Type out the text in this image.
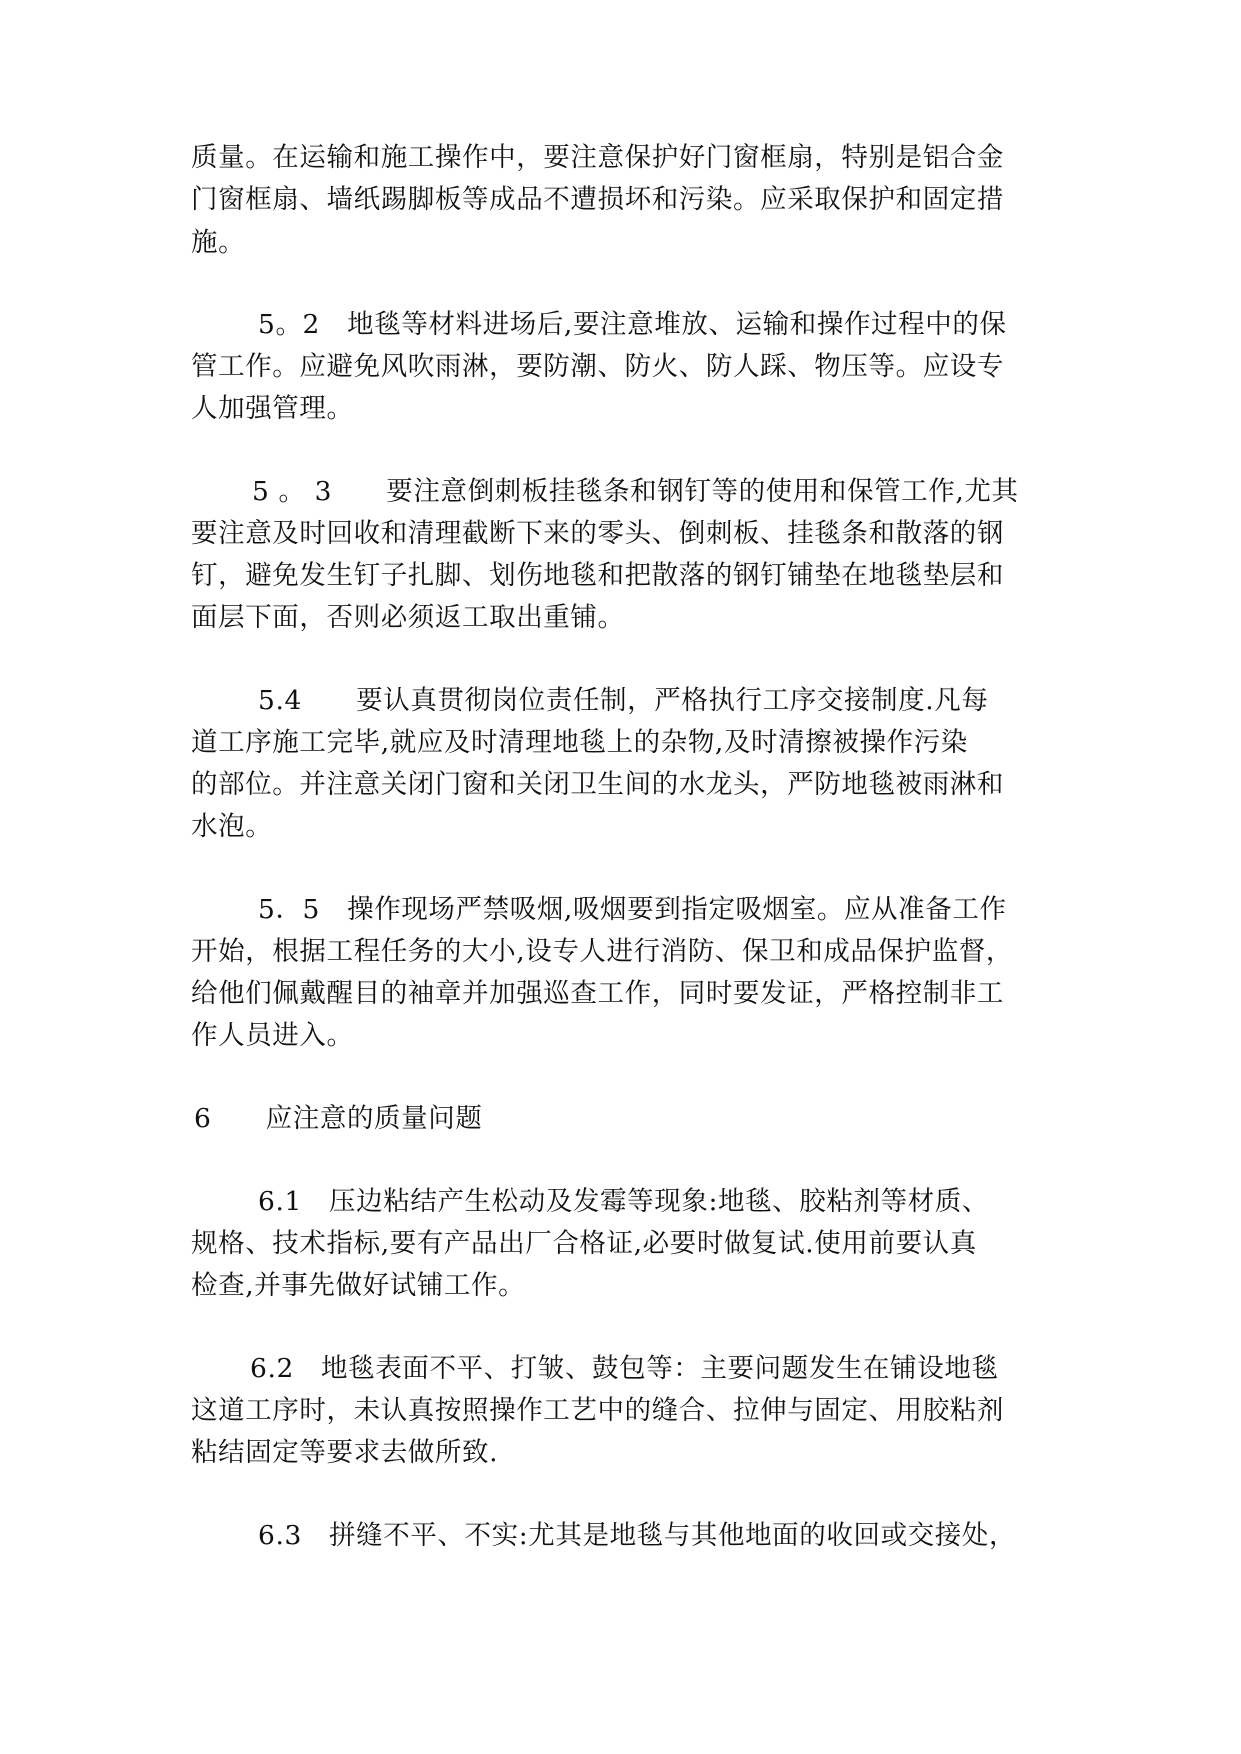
质量。在运输和施工操作中，要注意保护好门窗框扇，特别是铝合金
门窗框扇、墙纸踢脚板等成品不遭损坏和污染。应采取保护和固定措
施。
5。2　地毯等材料进场后,要注意堆放、运输和操作过程中的保
管工作。应避免风吹雨淋，要防潮、防火、防人踩、物压等。应设专
人加强管理。
5 。 3　　要注意倒刺板挂毯条和钢钉等的使用和保管工作,尤其
要注意及时回收和清理截断下来的零头、倒刺板、挂毯条和散落的钢
钉，避免发生钉子扎脚、划伤地毯和把散落的钢钉铺垫在地毯垫层和
面层下面，否则必须返工取出重铺。
5.4　　要认真贯彻岗位责任制，严格执行工序交接制度.凡每
道工序施工完毕,就应及时清理地毯上的杂物,及时清擦被操作污染
的部位。并注意关闭门窗和关闭卫生间的水龙头，严防地毯被雨淋和
水泡。
5．5　操作现场严禁吸烟,吸烟要到指定吸烟室。应从准备工作
开始，根据工程任务的大小,设专人进行消防、保卫和成品保护监督，
给他们佩戴醒目的袖章并加强巡查工作，同时要发证，严格控制非工
作人员进入。
6　　应注意的质量问题
6.1　压边粘结产生松动及发霉等现象:地毯、胶粘剂等材质、
规格、技术指标,要有产品出厂合格证,必要时做复试.使用前要认真
检查,并事先做好试铺工作。
6.2　地毯表面不平、打皱、鼓包等：主要问题发生在铺设地毯
这道工序时，未认真按照操作工艺中的缝合、拉伸与固定、用胶粘剂
粘结固定等要求去做所致.
6.3　拼缝不平、不实:尤其是地毯与其他地面的收回或交接处，
